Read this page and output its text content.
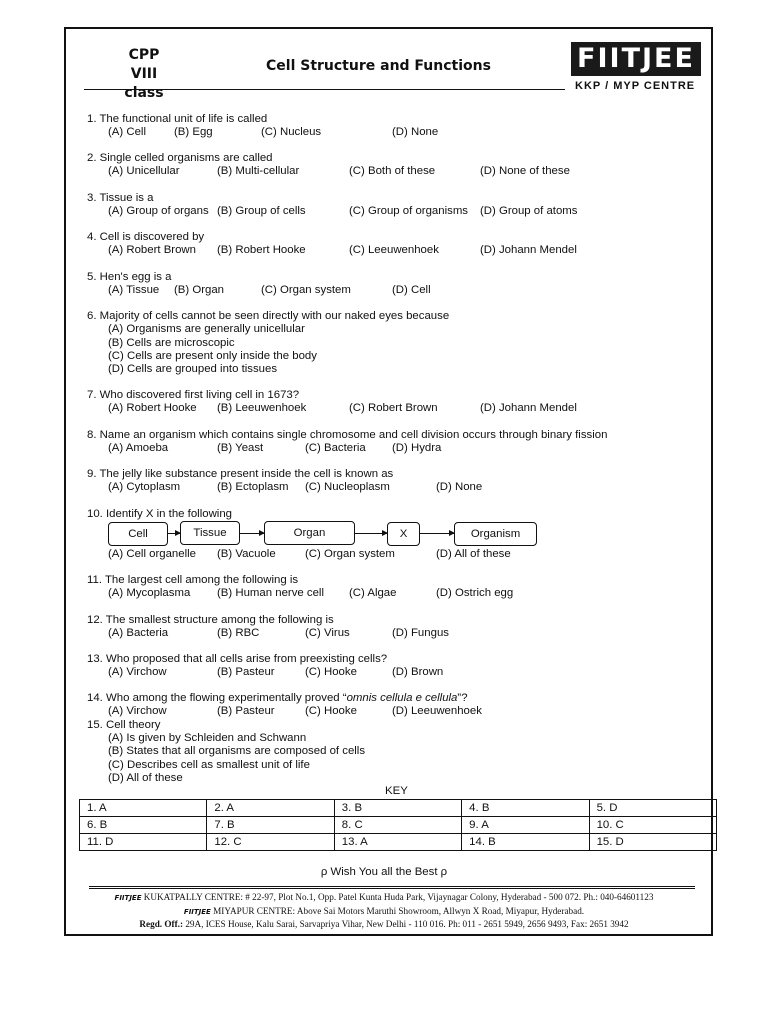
CPP
VIII class
Cell Structure and Functions	FIITJEE
KKP / MYP CENTRE
1. The functional unit of life is called
(A) Cell (B) Egg	(C) Nucleus	(D) None
2. Single celled organisms are called
(A) Unicellular	(B) Multi-cellular	(C) Both of these	(D) None of these
3. Tissue is a
(A) Group of organs (B) Group of cells	(C) Group of organisms (D) Group of atoms
4. Cell is discovered by
(A) Robert Brown (B) Robert Hooke	(C) Leeuwenhoek	(D) Johann Mendel
5. Hen's egg is a
(A) Tissue (B) Organ	(C) Organ system	(D) Cell
6. Majority of cells cannot be seen directly with our naked eyes because
(A) Organisms are generally unicellular
(B) Cells are microscopic
(C) Cells are present only inside the body
(D) Cells are grouped into tissues
7. Who discovered first living cell in 1673?
(A) Robert Hooke (B) Leeuwenhoek	(C) Robert Brown	(D) Johann Mendel
8. Name an organism which contains single chromosome and cell division occurs through binary fission
(A) Amoeba	(B) Yeast	(C) Bacteria (D) Hydra
9. The jelly like substance present inside the cell is known as
(A) Cytoplasm	(B) Ectoplasm (C) Nucleoplasm	(D) None
10. Identify X in the following
Cell	Tissue	Organ	X	Organism
(A) Cell organelle (B) Vacuole	(C) Organ system	(D) All of these
11. The largest cell among the following is
(A) Mycoplasma (B) Human nerve cell (C) Algae	(D) Ostrich egg
12. The smallest structure among the following is
(A) Bacteria	(B) RBC	(C) Virus	(D) Fungus
13. Who proposed that all cells arise from preexisting cells?
(A) Virchow	(B) Pasteur	(C) Hooke	(D) Brown
14. Who among the flowing experimentally proved “omnis cellula e cellula”?
(A) Virchow	(B) Pasteur	(C) Hooke	(D) Leeuwenhoek
15. Cell theory
(A) Is given by Schleiden and Schwann
(B) States that all organisms are composed of cells
(C) Describes cell as smallest unit of life
(D) All of these
KEY
1. A	2. A	3. B	4. B	5. D
6. B	7. B	8. C	9. A	10. C
11. D	12. C	13. A	14. B	15. D
ρ Wish You all the Best ρ
FIITJEE KUKATPALLY CENTRE: # 22-97, Plot No.1, Opp. Patel Kunta Huda Park, Vijaynagar Colony, Hyderabad - 500 072. Ph.: 040-64601123
FIITJEE MIYAPUR CENTRE: Above Sai Motors Maruthi Showroom, Allwyn X Road, Miyapur, Hyderabad.
Regd. Off.: 29A, ICES House, Kalu Sarai, Sarvapriya Vihar, New Delhi - 110 016. Ph: 011 - 2651 5949, 2656 9493, Fax: 2651 3942
